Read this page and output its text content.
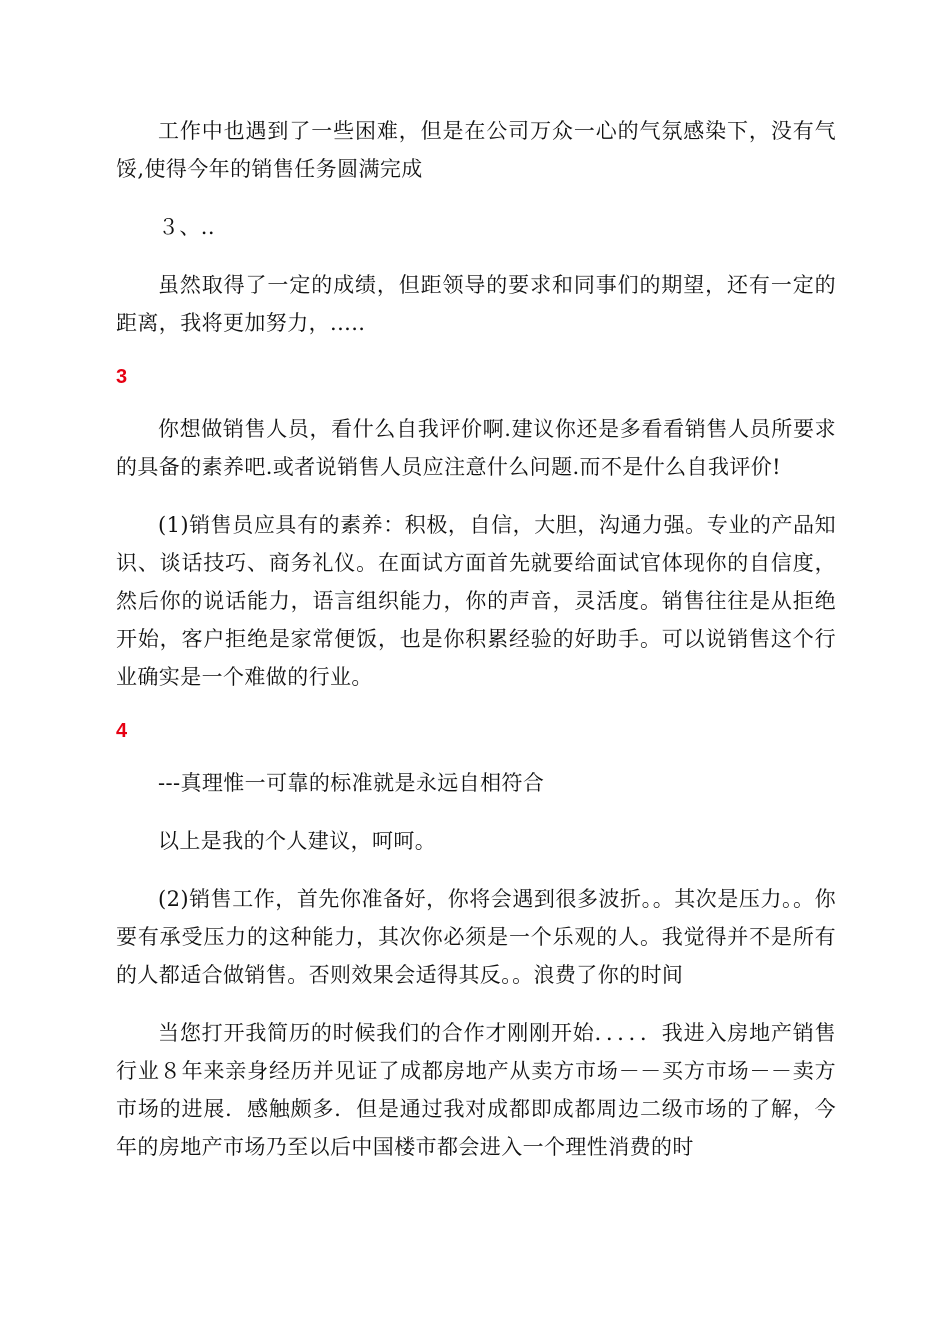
工作中也遇到了一些困难，但是在公司万众一心的气氛感染下，没有气馁,使得今年的销售任务圆满完成

３、..

虽然取得了一定的成绩，但距领导的要求和同事们的期望，还有一定的距离，我将更加努力，.....

3

你想做销售人员，看什么自我评价啊.建议你还是多看看销售人员所要求的具备的素养吧.或者说销售人员应注意什么问题.而不是什么自我评价!

(1)销售员应具有的素养：积极，自信，大胆，沟通力强。专业的产品知识、谈话技巧、商务礼仪。在面试方面首先就要给面试官体现你的自信度，然后你的说话能力，语言组织能力，你的声音，灵活度。销售往往是从拒绝开始，客户拒绝是家常便饭，也是你积累经验的好助手。可以说销售这个行业确实是一个难做的行业。

4

---真理惟一可靠的标准就是永远自相符合

以上是我的个人建议，呵呵。

(2)销售工作，首先你准备好，你将会遇到很多波折。。其次是压力。。你要有承受压力的这种能力，其次你必须是一个乐观的人。我觉得并不是所有的人都适合做销售。否则效果会适得其反。。浪费了你的时间

当您打开我简历的时候我们的合作才刚刚开始．．．．．我进入房地产销售行业８年来亲身经历并见证了成都房地产从卖方市场－－买方市场－－卖方市场的进展．感触颇多．但是通过我对成都即成都周边二级市场的了解，今年的房地产市场乃至以后中国楼市都会进入一个理性消费的时
